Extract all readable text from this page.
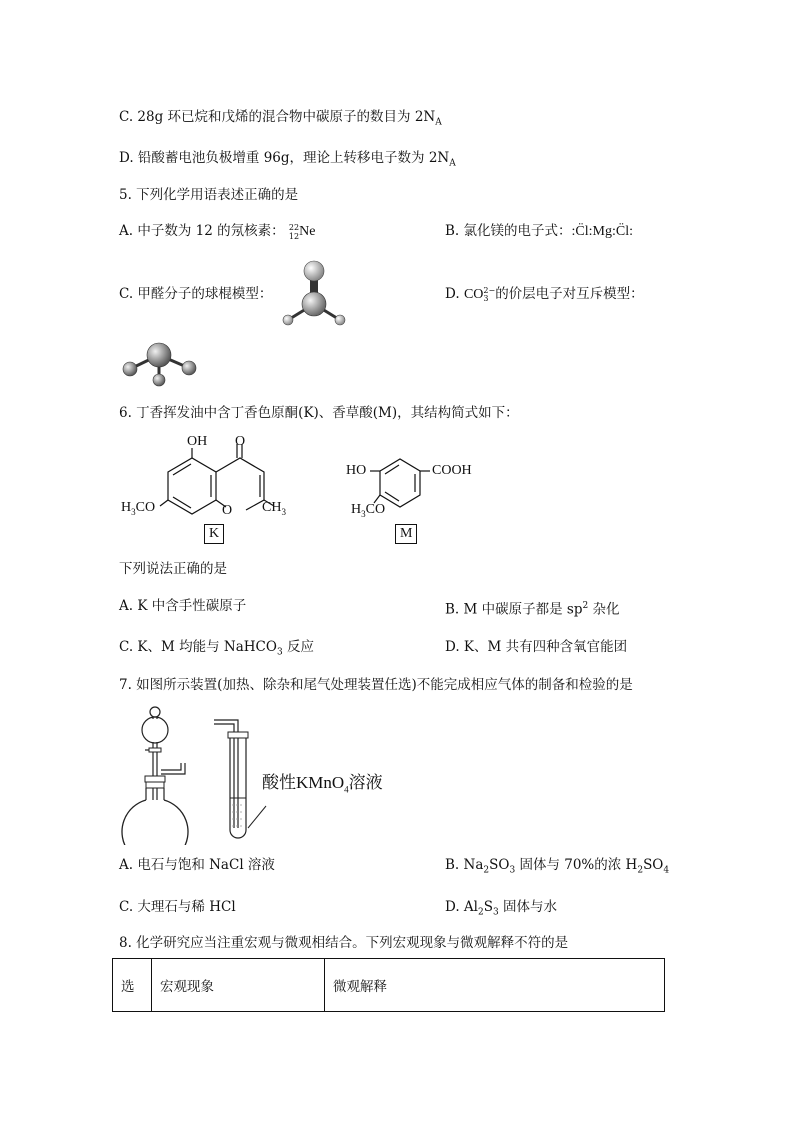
C. 28g 环已烷和戊烯的混合物中碳原子的数目为 $2N_A$
D. 铅酸蓄电池负极增重 96g，理论上转移电子数为 $2N_A$
5. 下列化学用语表述正确的是
A. 中子数为 12 的氖核素： 22
12Ne	B. 氯化镁的电子式：:C̈l:Mg:C̈l:
C. 甲醛分子的球棍模型：	D. CO2−
3 的价层电子对互斥模型：
6. 丁香挥发油中含丁香色原酮(K)、香草酸(M)，其结构简式如下：
OH O
O
$H_3CO$	$CH_3$
K
HO	COOH
$H_3CO$
M
下列说法正确的是
A. K 中含手性碳原子	B. M 中碳原子都是 $sp^2$ 杂化
C. K、M 均能与 NaHCO$_3$ 反应	D. K、M 共有四种含氧官能团
7. 如图所示装置(加热、除杂和尾气处理装置任选)不能完成相应气体的制备和检验的是
酸性KMnO$_4$溶液
A. 电石与饱和 NaCl 溶液	B. $Na_2SO_3$ 固体与 70%的浓 $H_2SO_4$
C. 大理石与稀 HCl	D. $Al_2S_3$ 固体与水
8. 化学研究应当注重宏观与微观相结合。下列宏观现象与微观解释不符的是
选	宏观现象	微观解释
